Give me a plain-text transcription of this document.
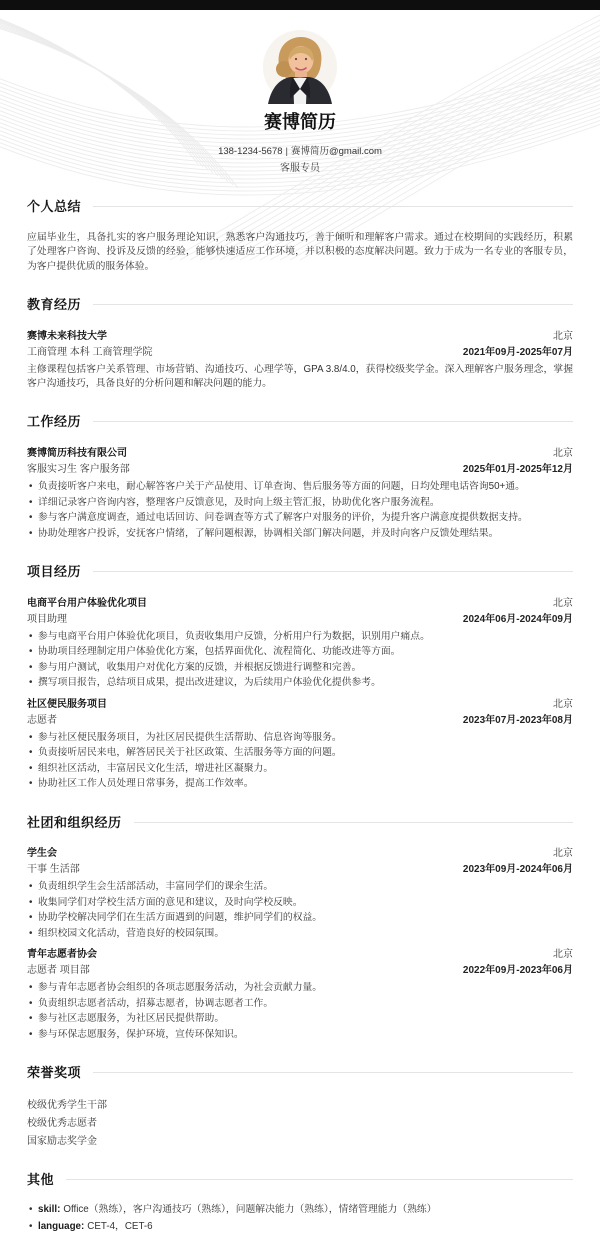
赛博简历
138-1234-5678 | 赛博简历@gmail.com
客服专员
个人总结

应届毕业生，具备扎实的客户服务理论知识，熟悉客户沟通技巧，善于倾听和理解客户需求。通过在校期间的实践经历，积累了处理客户咨询、投诉及反馈的经验，能够快速适应工作环境，并以积极的态度解决问题。致力于成为一名专业的客服专员，为客户提供优质的服务体验。

教育经历
赛博未来科技大学	北京
工商管理 本科 工商管理学院	2021年09月-2025年07月

主修课程包括客户关系管理、市场营销、沟通技巧、心理学等，GPA 3.8/4.0，获得校级奖学金。深入理解客户服务理念，掌握客户沟通技巧，具备良好的分析问题和解决问题的能力。

工作经历
赛博简历科技有限公司	北京
客服实习生 客户服务部	2025年01月-2025年12月
• 负责接听客户来电，耐心解答客户关于产品使用、订单查询、售后服务等方面的问题，日均处理电话咨询50+通。
• 详细记录客户咨询内容，整理客户反馈意见，及时向上级主管汇报，协助优化客户服务流程。
• 参与客户满意度调查，通过电话回访、问卷调查等方式了解客户对服务的评价，为提升客户满意度提供数据支持。
• 协助处理客户投诉，安抚客户情绪，了解问题根源，协调相关部门解决问题，并及时向客户反馈处理结果。
项目经历
电商平台用户体验优化项目	北京
项目助理	2024年06月-2024年09月
• 参与电商平台用户体验优化项目，负责收集用户反馈，分析用户行为数据，识别用户痛点。
• 协助项目经理制定用户体验优化方案，包括界面优化、流程简化、功能改进等方面。
• 参与用户测试，收集用户对优化方案的反馈，并根据反馈进行调整和完善。
• 撰写项目报告，总结项目成果，提出改进建议，为后续用户体验优化提供参考。
社区便民服务项目	北京
志愿者	2023年07月-2023年08月
• 参与社区便民服务项目，为社区居民提供生活帮助、信息咨询等服务。
• 负责接听居民来电，解答居民关于社区政策、生活服务等方面的问题。
• 组织社区活动，丰富居民文化生活，增进社区凝聚力。
• 协助社区工作人员处理日常事务，提高工作效率。
社团和组织经历
学生会	北京
干事 生活部	2023年09月-2024年06月
• 负责组织学生会生活部活动，丰富同学们的课余生活。
• 收集同学们对学校生活方面的意见和建议，及时向学校反映。
• 协助学校解决同学们在生活方面遇到的问题，维护同学们的权益。
• 组织校园文化活动，营造良好的校园氛围。
青年志愿者协会	北京
志愿者 项目部	2022年09月-2023年06月
• 参与青年志愿者协会组织的各项志愿服务活动，为社会贡献力量。
• 负责组织志愿者活动，招募志愿者，协调志愿者工作。
• 参与社区志愿服务，为社区居民提供帮助。
• 参与环保志愿服务，保护环境，宣传环保知识。
荣誉奖项
校级优秀学生干部
校级优秀志愿者
国家励志奖学金
其他
• skill: Office（熟练），客户沟通技巧（熟练），问题解决能力（熟练），情绪管理能力（熟练）
• language: CET-4，CET-6
